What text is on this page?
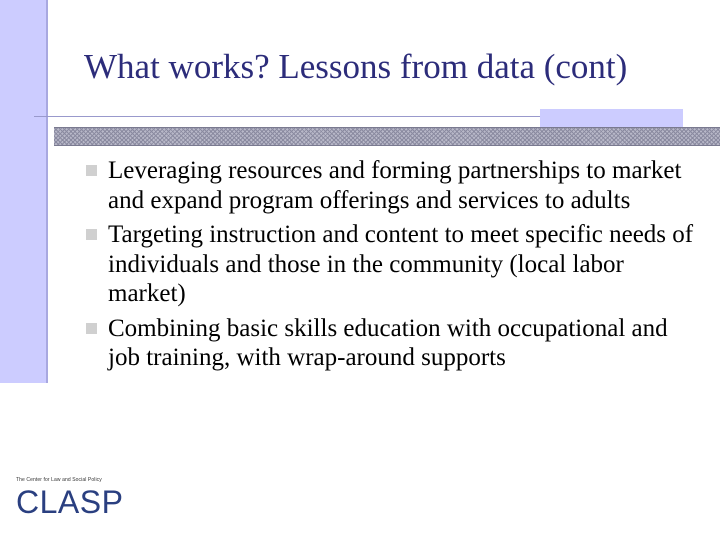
What works? Lessons from data (cont)
Leveraging resources and forming partnerships to market and expand program offerings and services to adults
Targeting instruction and content to meet specific needs of individuals and those in the community (local labor market)
Combining basic skills education with occupational and job training, with wrap-around supports
The Center for Law and Social Policy
CLASP
